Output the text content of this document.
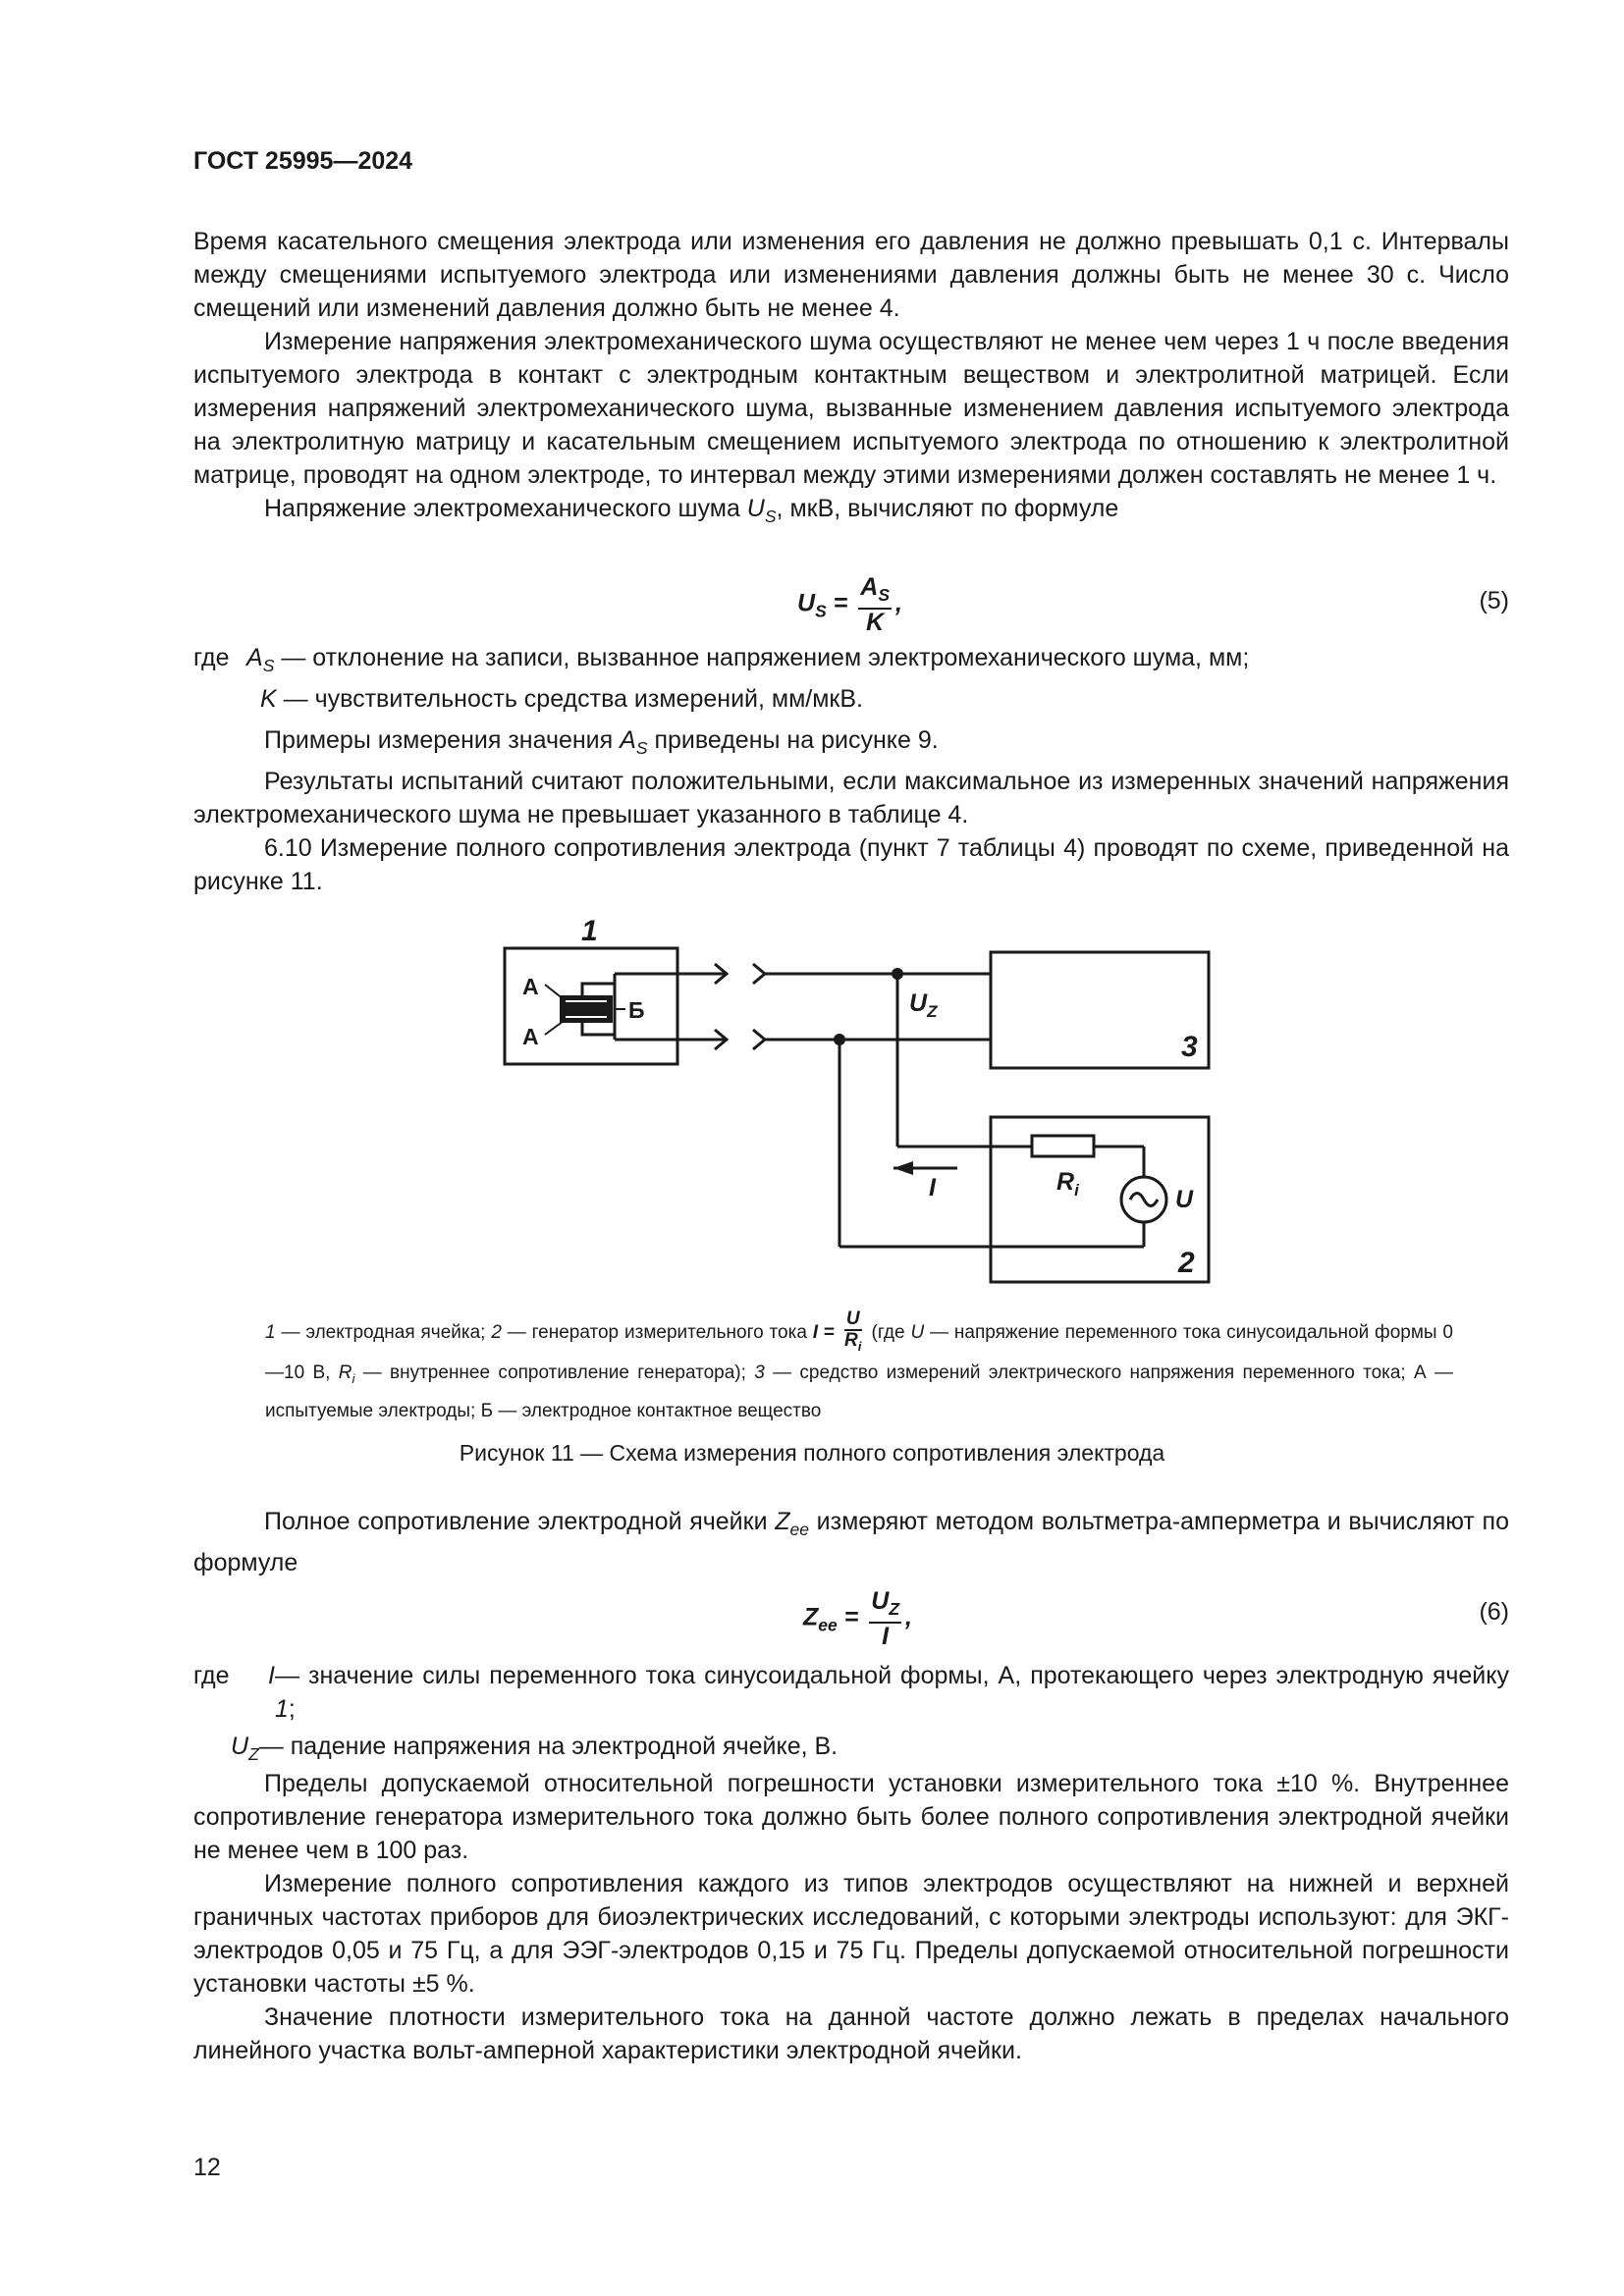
ГОСТ 25995—2024

Время касательного смещения электрода или изменения его давления не должно превышать 0,1 с. Интервалы между смещениями испытуемого электрода или изменениями давления должны быть не менее 30 с. Число смещений или изменений давления должно быть не менее 4.

Измерение напряжения электромеханического шума осуществляют не менее чем через 1 ч после введения испытуемого электрода в контакт с электродным контактным веществом и электролитной матрицей. Если измерения напряжений электромеханического шума, вызванные изменением давления испытуемого электрода на электролитную матрицу и касательным смещением испытуемого электрода по отношению к электролитной матрице, проводят на одном электроде, то интервал между этими измерениями должен составлять не менее 1 ч.

Напряжение электромеханического шума $U_S$, мкВ, вычисляют по формуле

$U_S = \frac{A_S}{K}$ ,	(5)
где $A_S$ — отклонение на записи, вызванное напряжением электромеханического шума, мм;
K — чувствительность средства измерений, мм/мкВ.

Примеры измерения значения $A_S$ приведены на рисунке 9.

Результаты испытаний считают положительными, если максимальное из измеренных значений напряжения электромеханического шума не превышает указанного в таблице 4.

6.10 Измерение полного сопротивления электрода (пункт 7 таблицы 4) проводят по схеме, приведенной на рисунке 11.

1
А
А
Б	$U_Z$
3
I	$R_i$	U
2
1 — электродная ячейка; 2 — генератор измерительного тока $I = \frac{U}{R_i} (где$ U — напряжение переменного тока синусоидальной формы 0—10 В, $R_i$ — внутреннее сопротивление генератора); 3 — средство измерений электрического напряжения переменного тока; А — испытуемые электроды; Б — электродное контактное вещество
Рисунок 11 — Схема измерения полного сопротивления электрода

Полное сопротивление электродной ячейки $Z_{ee}$ измеряют методом вольтметра-амперметра и вычисляют по формуле

$Z_{ee} = \frac{U_Z}{I}$ ,	(6)
где	I — значение силы переменного тока синусоидальной формы, А, протекающего через электродную ячейку 1;
$U_Z$ — падение напряжения на электродной ячейке, В.

Пределы допускаемой относительной погрешности установки измерительного тока ±10 %. Внутреннее сопротивление генератора измерительного тока должно быть более полного сопротивления электродной ячейки не менее чем в 100 раз.

Измерение полного сопротивления каждого из типов электродов осуществляют на нижней и верхней граничных частотах приборов для биоэлектрических исследований, с которыми электроды используют: для ЭКГ-электродов 0,05 и 75 Гц, а для ЭЭГ-электродов 0,15 и 75 Гц. Пределы допускаемой относительной погрешности установки частоты ±5 %.

Значение плотности измерительного тока на данной частоте должно лежать в пределах начального линейного участка вольт-амперной характеристики электродной ячейки.

12
